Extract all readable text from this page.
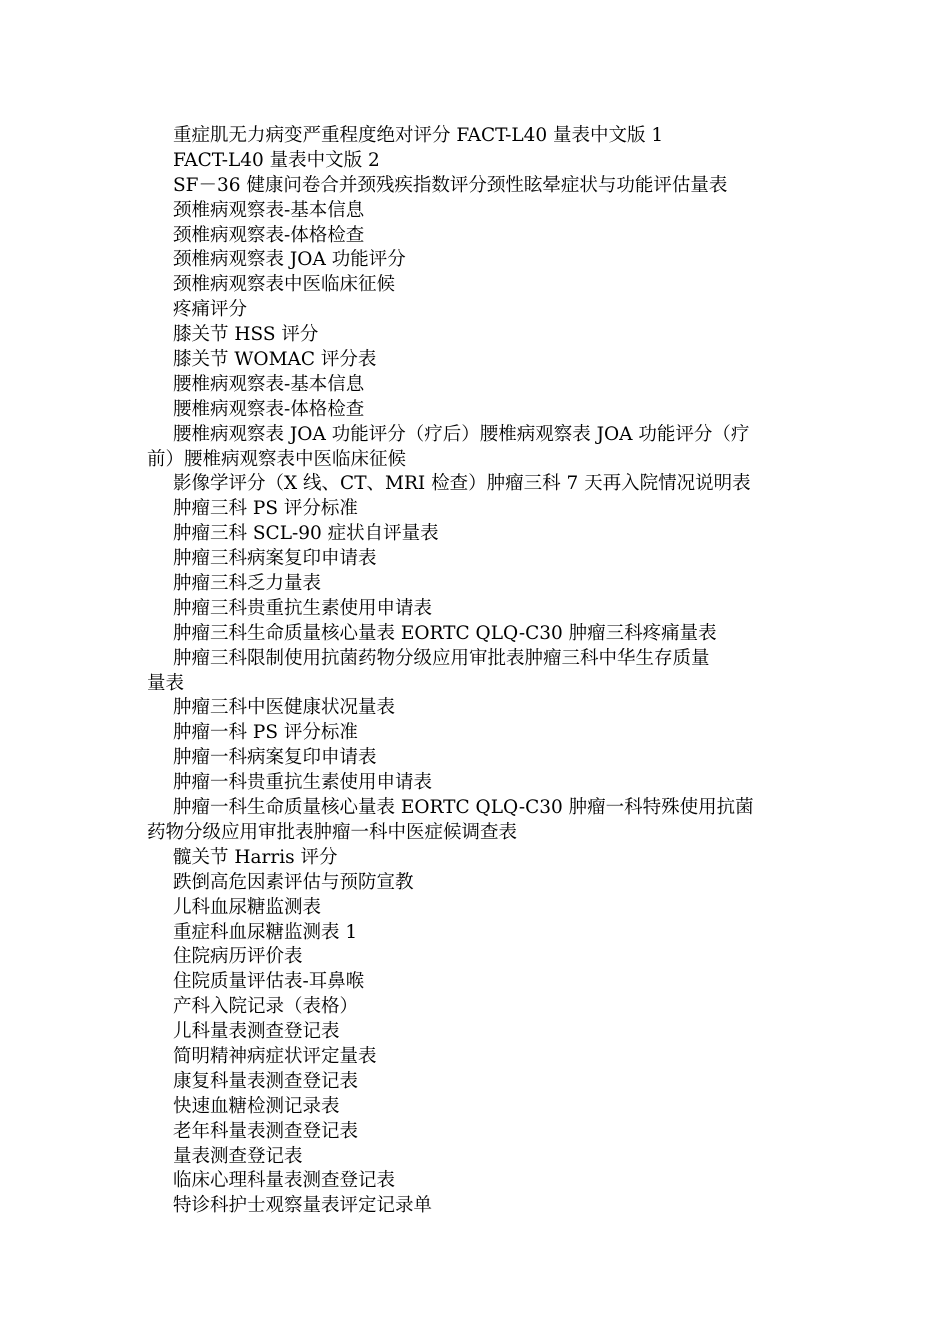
重症肌无力病变严重程度绝对评分 FACT-L40 量表中文版 1
FACT-L40 量表中文版 2
SF－36 健康问卷合并颈残疾指数评分颈性眩晕症状与功能评估量表
颈椎病观察表-基本信息
颈椎病观察表-体格检查
颈椎病观察表 JOA 功能评分
颈椎病观察表中医临床征候
疼痛评分
膝关节 HSS 评分
膝关节 WOMAC 评分表
腰椎病观察表-基本信息
腰椎病观察表-体格检查
腰椎病观察表 JOA 功能评分（疗后）腰椎病观察表 JOA 功能评分（疗
前）腰椎病观察表中医临床征候
影像学评分（X 线、CT、MRI 检查）肿瘤三科 7 天再入院情况说明表
肿瘤三科 PS 评分标准
肿瘤三科 SCL-90 症状自评量表
肿瘤三科病案复印申请表
肿瘤三科乏力量表
肿瘤三科贵重抗生素使用申请表
肿瘤三科生命质量核心量表 EORTC QLQ-C30 肿瘤三科疼痛量表
肿瘤三科限制使用抗菌药物分级应用审批表肿瘤三科中华生存质量
量表
肿瘤三科中医健康状况量表
肿瘤一科 PS 评分标准
肿瘤一科病案复印申请表
肿瘤一科贵重抗生素使用申请表
肿瘤一科生命质量核心量表 EORTC QLQ-C30 肿瘤一科特殊使用抗菌
药物分级应用审批表肿瘤一科中医症候调查表
髋关节 Harris 评分
跌倒高危因素评估与预防宣教
儿科血尿糖监测表
重症科血尿糖监测表 1
住院病历评价表
住院质量评估表-耳鼻喉
产科入院记录（表格）
儿科量表测查登记表
简明精神病症状评定量表
康复科量表测查登记表
快速血糖检测记录表
老年科量表测查登记表
量表测查登记表
临床心理科量表测查登记表
特诊科护士观察量表评定记录单
